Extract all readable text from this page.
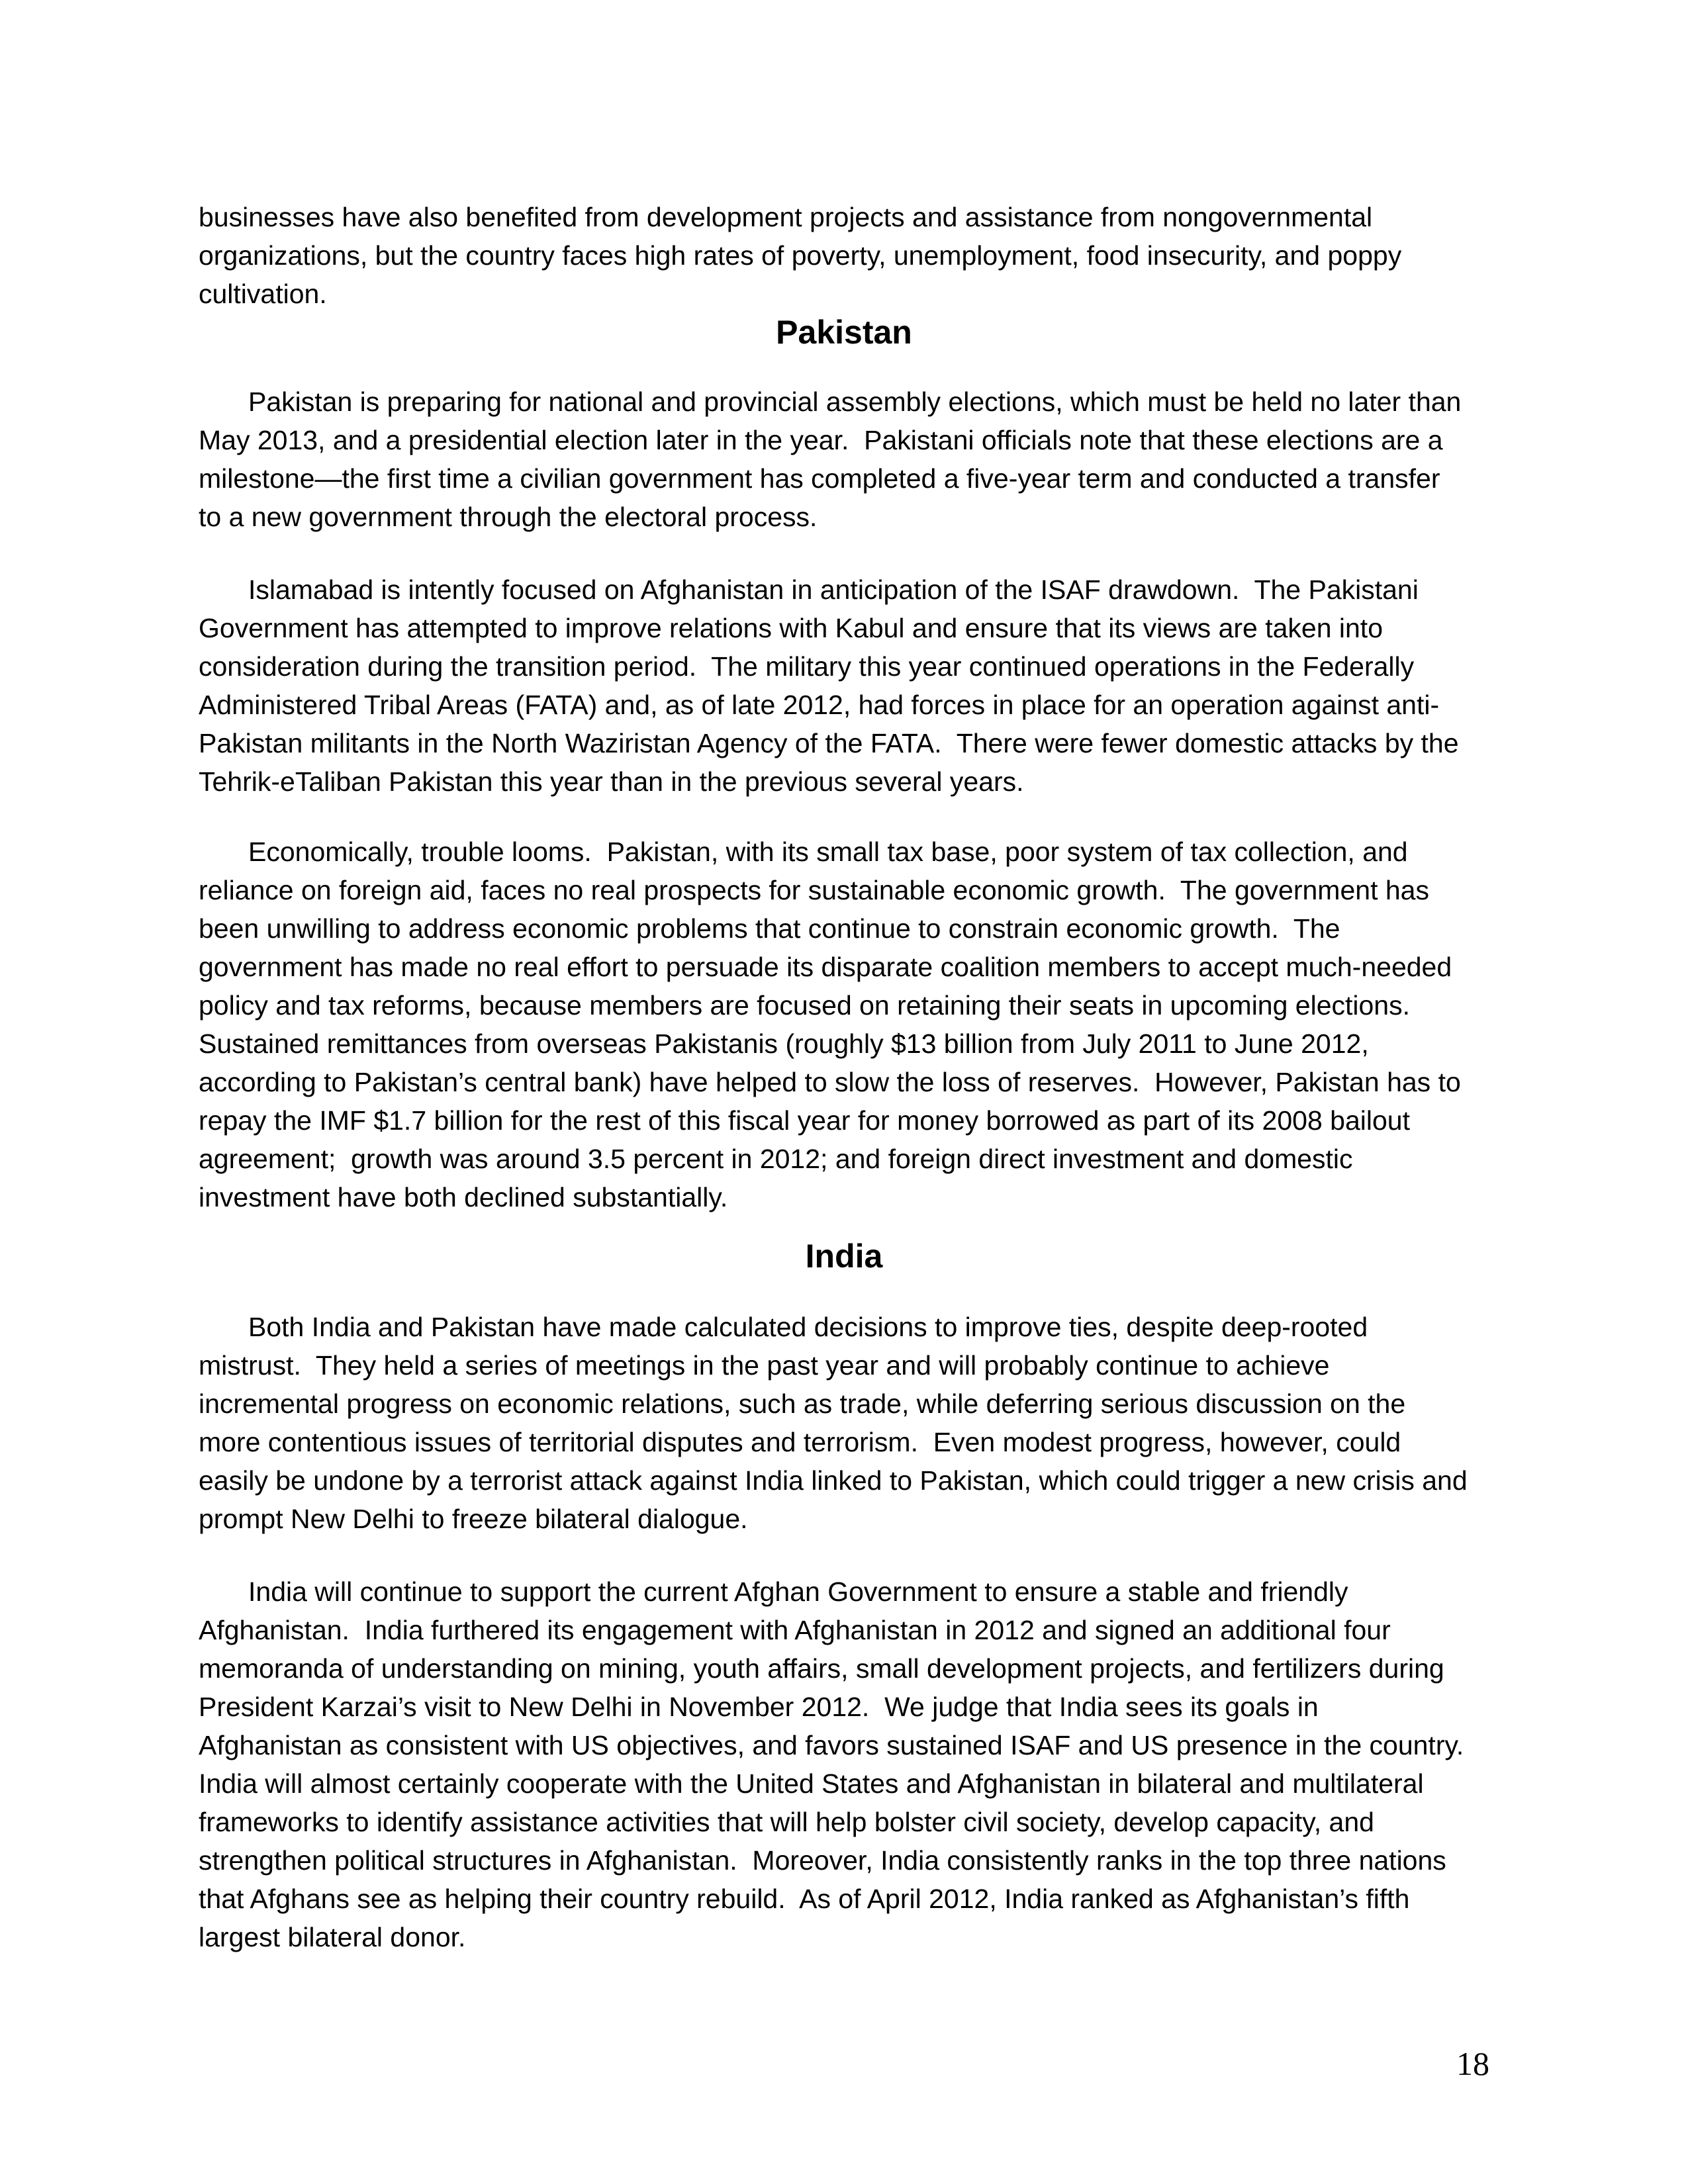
businesses have also benefited from development projects and assistance from nongovernmental
organizations, but the country faces high rates of poverty, unemployment, food insecurity, and poppy
cultivation.
Pakistan
Pakistan is preparing for national and provincial assembly elections, which must be held no later than
May 2013, and a presidential election later in the year.  Pakistani officials note that these elections are a
milestone—the first time a civilian government has completed a five-year term and conducted a transfer
to a new government through the electoral process.
Islamabad is intently focused on Afghanistan in anticipation of the ISAF drawdown.  The Pakistani
Government has attempted to improve relations with Kabul and ensure that its views are taken into
consideration during the transition period.  The military this year continued operations in the Federally
Administered Tribal Areas (FATA) and, as of late 2012, had forces in place for an operation against anti-
Pakistan militants in the North Waziristan Agency of the FATA.  There were fewer domestic attacks by the
Tehrik-eTaliban Pakistan this year than in the previous several years.
Economically, trouble looms.  Pakistan, with its small tax base, poor system of tax collection, and
reliance on foreign aid, faces no real prospects for sustainable economic growth.  The government has
been unwilling to address economic problems that continue to constrain economic growth.  The
government has made no real effort to persuade its disparate coalition members to accept much-needed
policy and tax reforms, because members are focused on retaining their seats in upcoming elections.
Sustained remittances from overseas Pakistanis (roughly $13 billion from July 2011 to June 2012,
according to Pakistan’s central bank) have helped to slow the loss of reserves.  However, Pakistan has to
repay the IMF $1.7 billion for the rest of this fiscal year for money borrowed as part of its 2008 bailout
agreement;  growth was around 3.5 percent in 2012; and foreign direct investment and domestic
investment have both declined substantially.
India
Both India and Pakistan have made calculated decisions to improve ties, despite deep-rooted
mistrust.  They held a series of meetings in the past year and will probably continue to achieve
incremental progress on economic relations, such as trade, while deferring serious discussion on the
more contentious issues of territorial disputes and terrorism.  Even modest progress, however, could
easily be undone by a terrorist attack against India linked to Pakistan, which could trigger a new crisis and
prompt New Delhi to freeze bilateral dialogue.
India will continue to support the current Afghan Government to ensure a stable and friendly
Afghanistan.  India furthered its engagement with Afghanistan in 2012 and signed an additional four
memoranda of understanding on mining, youth affairs, small development projects, and fertilizers during
President Karzai’s visit to New Delhi in November 2012.  We judge that India sees its goals in
Afghanistan as consistent with US objectives, and favors sustained ISAF and US presence in the country.
India will almost certainly cooperate with the United States and Afghanistan in bilateral and multilateral
frameworks to identify assistance activities that will help bolster civil society, develop capacity, and
strengthen political structures in Afghanistan.  Moreover, India consistently ranks in the top three nations
that Afghans see as helping their country rebuild.  As of April 2012, India ranked as Afghanistan’s fifth
largest bilateral donor.
18
